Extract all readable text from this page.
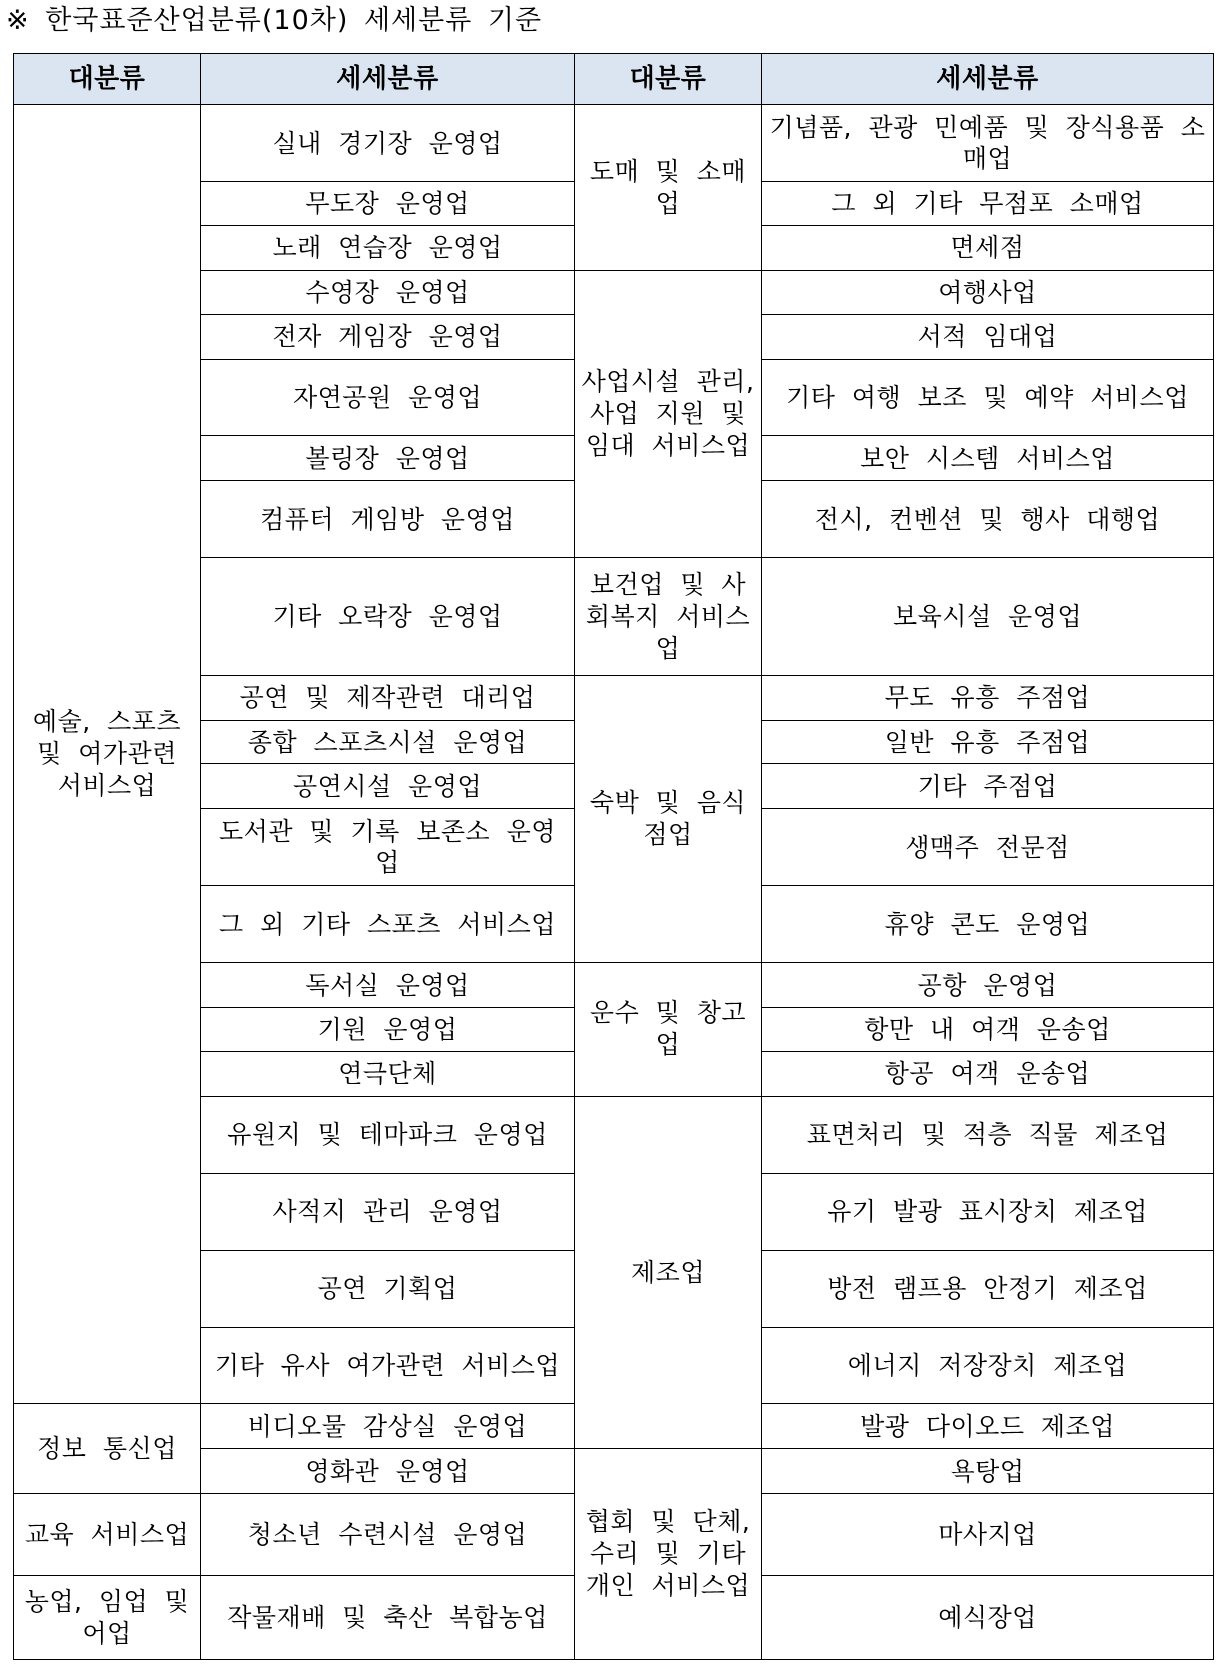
※ 한국표준산업분류(10차) 세세분류 기준
대분류	세세분류	대분류	세세분류
예술, 스포츠 및 여가관련 서비스업	실내 경기장 운영업	도매 및 소매업	기념품, 관광 민예품 및 장식용품 소매업
	무도장 운영업		그 외 기타 무점포 소매업
	노래 연습장 운영업		면세점
	수영장 운영업	사업시설 관리, 사업 지원 및 임대 서비스업	여행사업
	전자 게임장 운영업		서적 임대업
	자연공원 운영업		기타 여행 보조 및 예약 서비스업
	볼링장 운영업		보안 시스템 서비스업
	컴퓨터 게임방 운영업		전시, 컨벤션 및 행사 대행업
	기타 오락장 운영업	보건업 및 사회복지 서비스업	보육시설 운영업
	공연 및 제작관련 대리업	숙박 및 음식점업	무도 유흥 주점업
	종합 스포츠시설 운영업		일반 유흥 주점업
	공연시설 운영업		기타 주점업
	도서관 및 기록 보존소 운영업		생맥주 전문점
	그 외 기타 스포츠 서비스업		휴양 콘도 운영업
	독서실 운영업	운수 및 창고업	공항 운영업
	기원 운영업		항만 내 여객 운송업
	연극단체		항공 여객 운송업
	유원지 및 테마파크 운영업	제조업	표면처리 및 적층 직물 제조업
	사적지 관리 운영업		유기 발광 표시장치 제조업
	공연 기획업		방전 램프용 안정기 제조업
	기타 유사 여가관련 서비스업		에너지 저장장치 제조업
정보 통신업	비디오물 감상실 운영업		발광 다이오드 제조업
	영화관 운영업	협회 및 단체, 수리 및 기타 개인 서비스업	욕탕업
교육 서비스업	청소년 수련시설 운영업		마사지업
농업, 임업 및 어업	작물재배 및 축산 복합농업		예식장업
